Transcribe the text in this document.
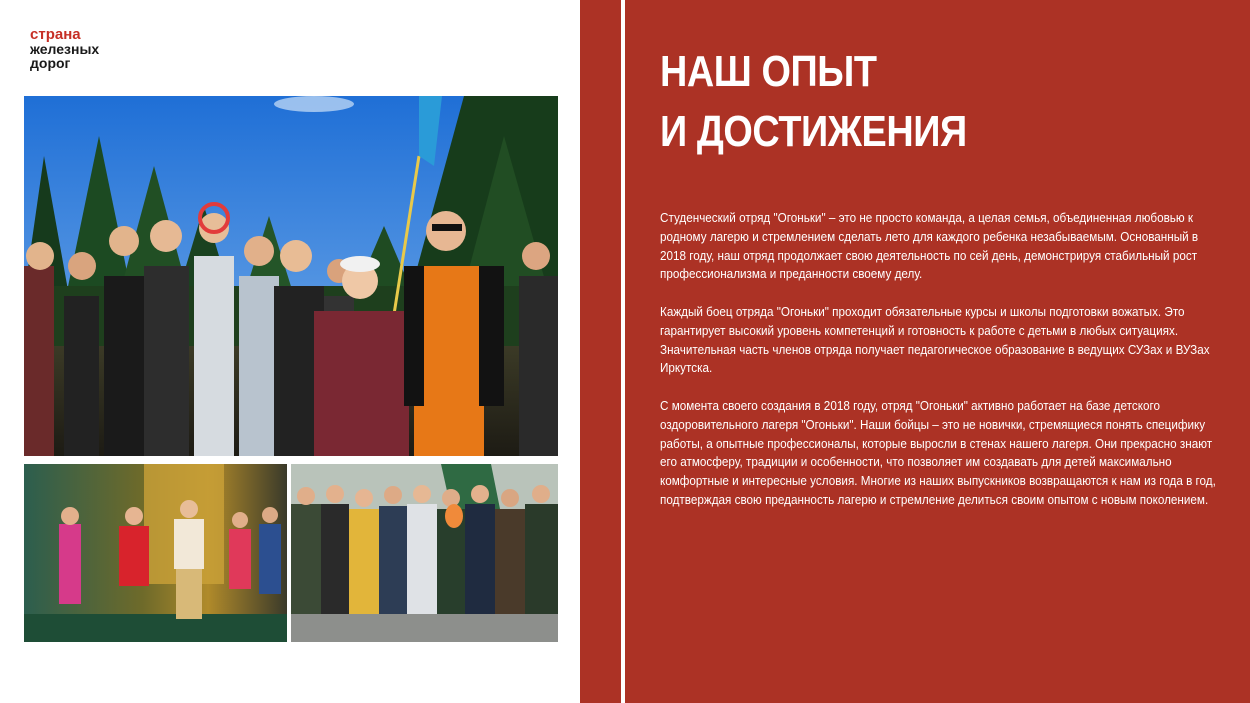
страна
железных
дорог	НАШ ОПЫТ
И ДОСТИЖЕНИЯ

Студенческий отряд "Огоньки" – это не просто команда, а целая семья, объединенная любовью к родному лагерю и стремлением сделать лето для каждого ребенка незабываемым. Основанный в 2018 году, наш отряд продолжает свою деятельность по сей день, демонстрируя стабильный рост профессионализма и преданности своему делу.

Каждый боец отряда "Огоньки" проходит обязательные курсы и школы подготовки вожатых. Это гарантирует высокий уровень компетенций и готовность к работе с детьми в любых ситуациях.
Значительная часть членов отряда получает педагогическое образование в ведущих СУЗах и ВУЗах Иркутска.

С момента своего создания в 2018 году, отряд "Огоньки" активно работает на базе детского оздоровительного лагеря "Огоньки". Наши бойцы – это не новички, стремящиеся понять специфику работы, а опытные профессионалы, которые выросли в стенах нашего лагеря. Они прекрасно знают его атмосферу, традиции и особенности, что позволяет им создавать для детей максимально комфортные и интересные условия. Многие из наших выпускников возвращаются к нам из года в год, подтверждая свою преданность лагерю и стремление делиться своим опытом с новым поколением.
